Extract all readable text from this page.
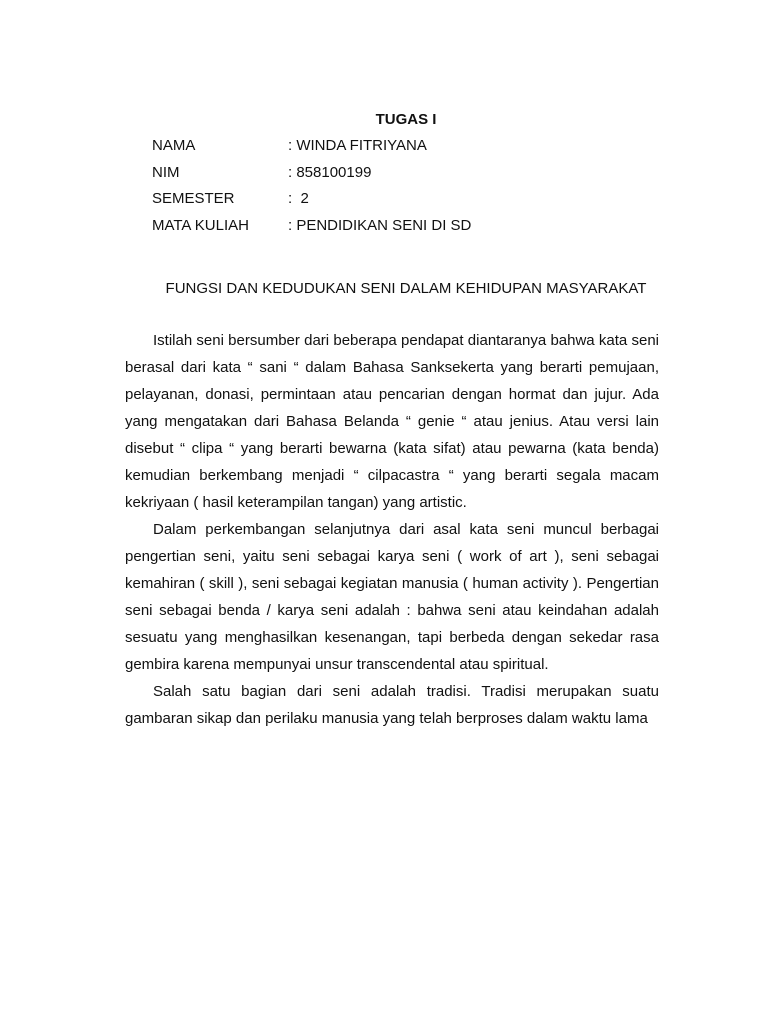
TUGAS I
NAMA	: WINDA FITRIYANA
NIM	: 858100199
SEMESTER	:  2
MATA KULIAH	: PENDIDIKAN SENI DI SD
FUNGSI DAN KEDUDUKAN SENI DALAM KEHIDUPAN MASYARAKAT

Istilah seni bersumber dari beberapa pendapat diantaranya bahwa kata seni berasal dari kata “ sani “ dalam Bahasa Sanksekerta yang berarti pemujaan, pelayanan, donasi, permintaan atau pencarian dengan hormat dan jujur. Ada yang mengatakan dari Bahasa Belanda “ genie “ atau jenius. Atau versi lain disebut “ clipa “ yang berarti bewarna (kata sifat) atau pewarna (kata benda) kemudian berkembang menjadi “ cilpacastra “ yang berarti segala macam kekriyaan ( hasil keterampilan tangan) yang artistic.

Dalam perkembangan selanjutnya dari asal kata seni muncul berbagai pengertian seni, yaitu seni sebagai karya seni ( work of art ), seni sebagai kemahiran ( skill ), seni sebagai kegiatan manusia ( human activity ). Pengertian seni sebagai benda / karya seni adalah : bahwa seni atau keindahan adalah sesuatu yang menghasilkan kesenangan, tapi berbeda dengan sekedar rasa gembira karena mempunyai unsur transcendental atau spiritual.

Salah satu bagian dari seni adalah tradisi. Tradisi merupakan suatu gambaran sikap dan perilaku manusia yang telah berproses dalam waktu lama
